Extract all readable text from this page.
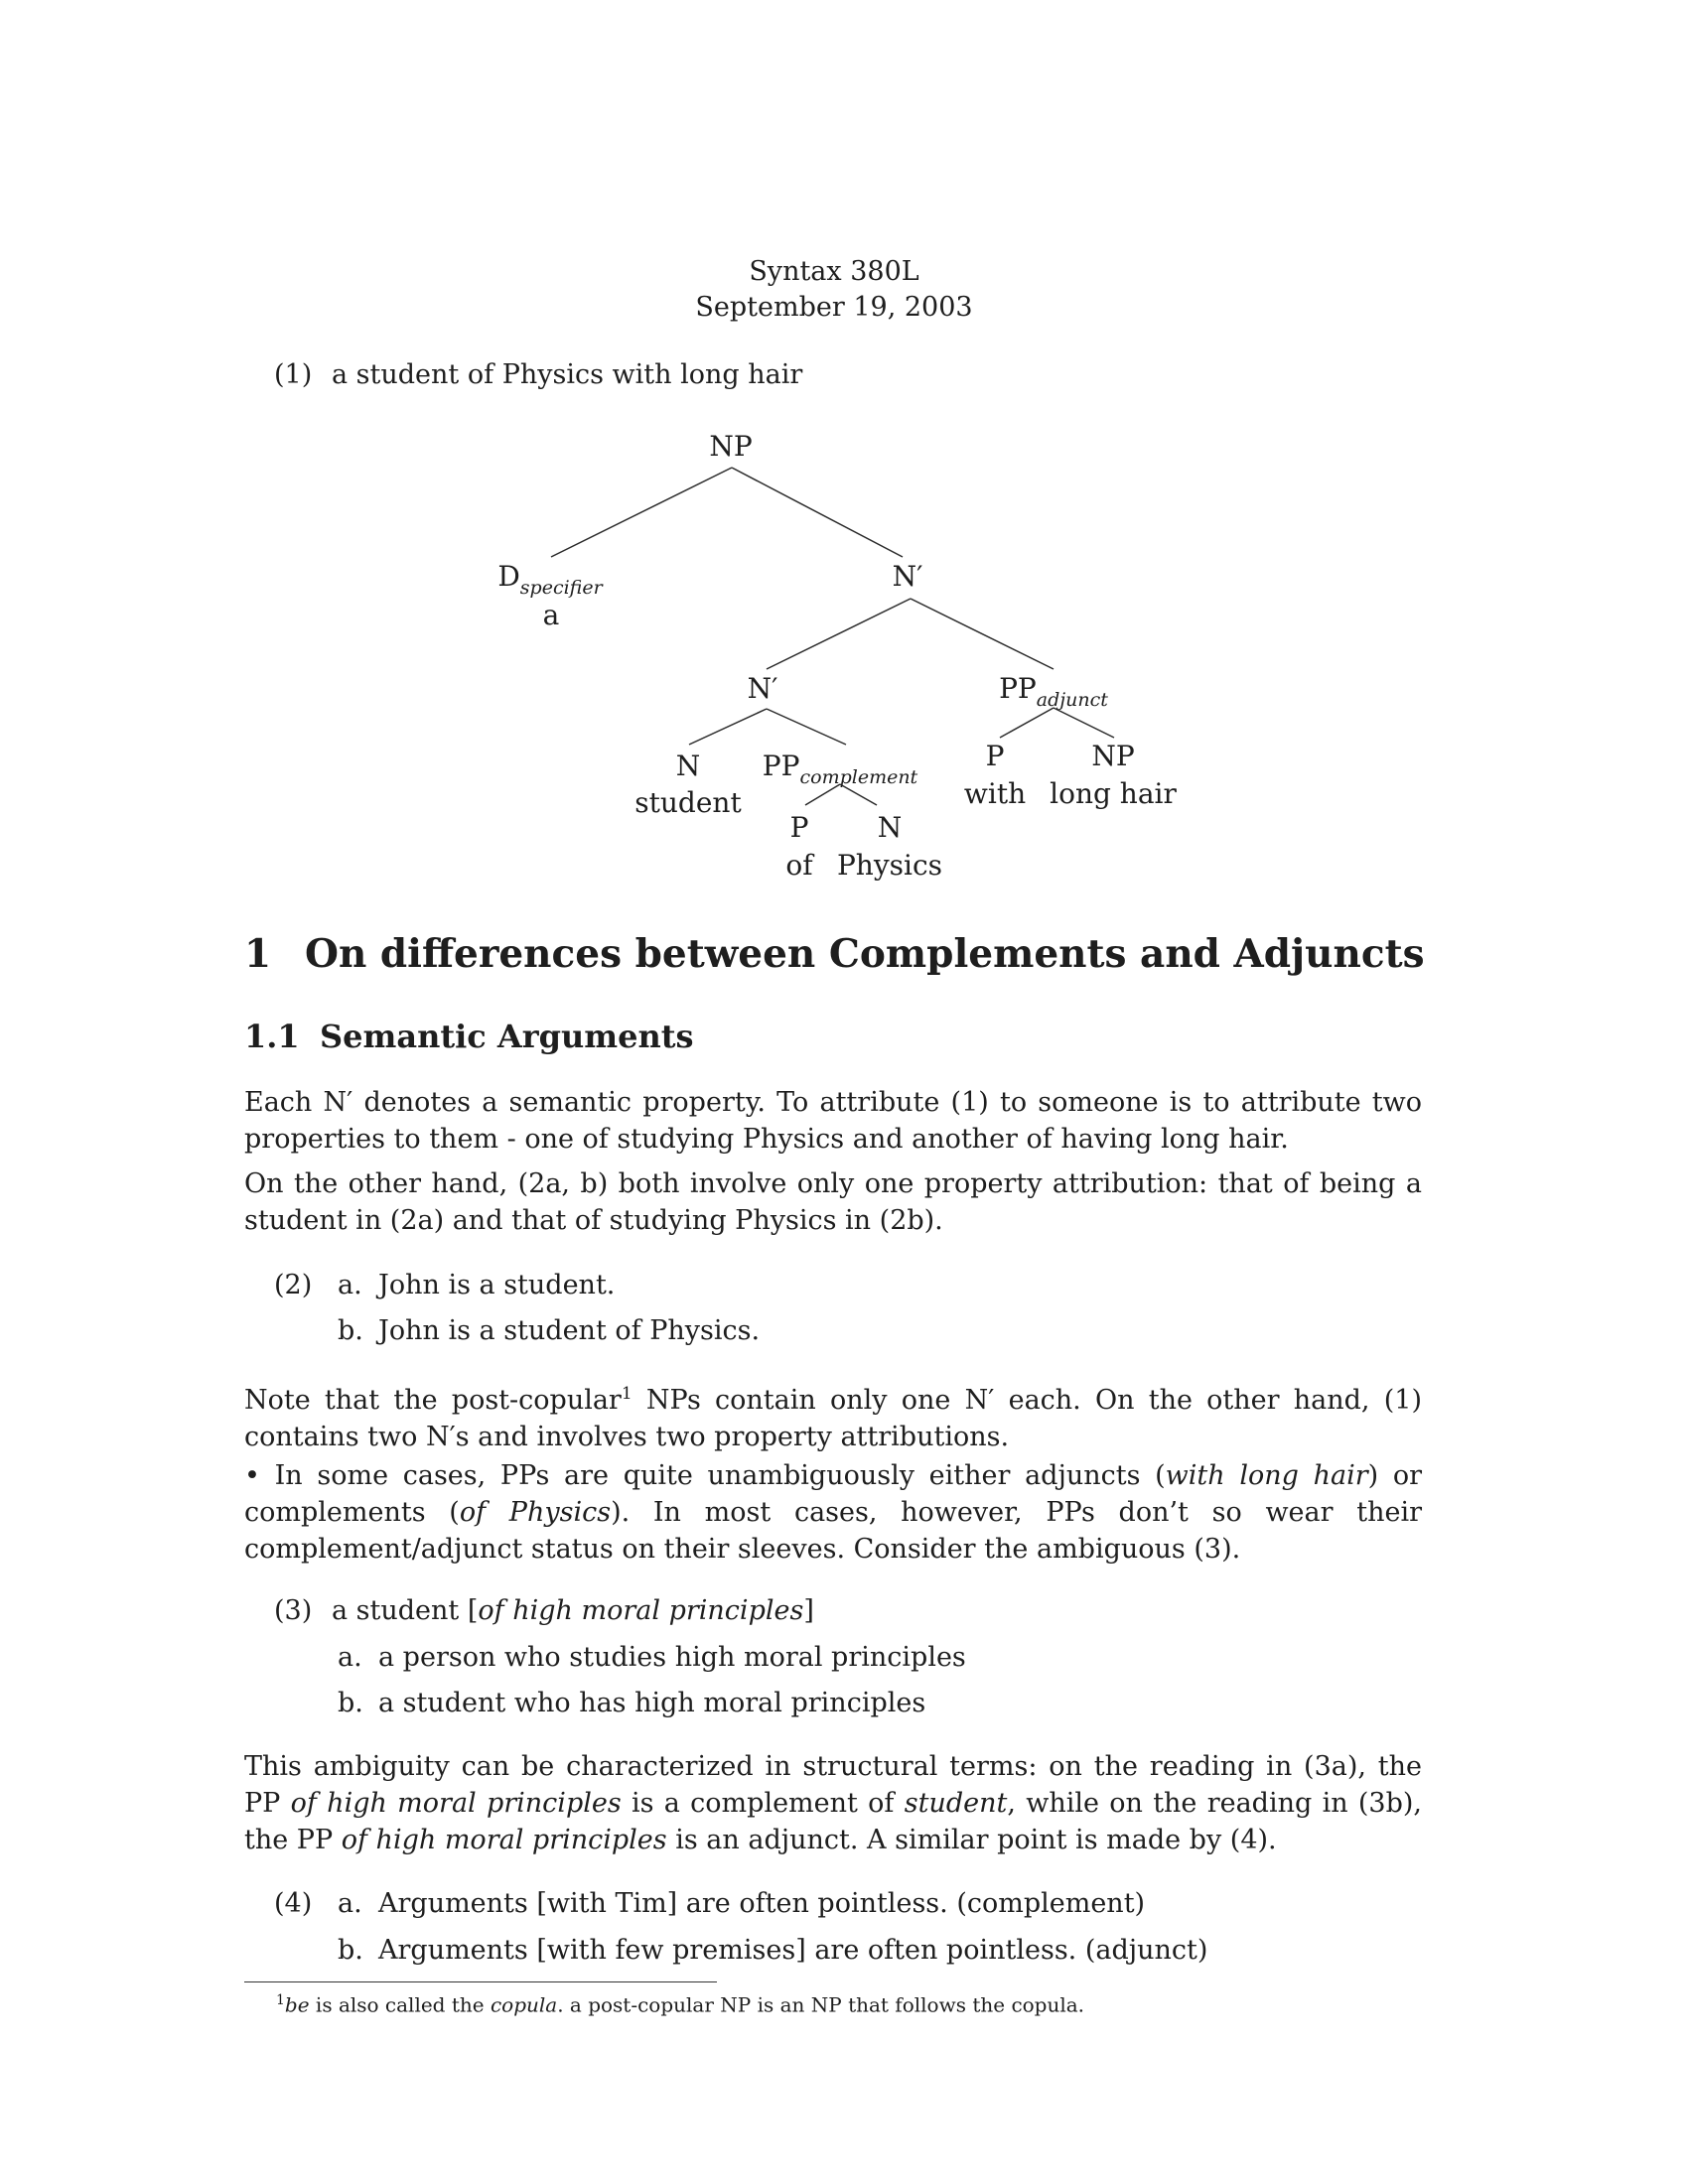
Syntax 380L
September 19, 2003
(1) a student of Physics with long hair
NP
$D_{specifier}$
a
N′
N′	$PP_{adjunct}$
N
student
$PP_{complement}$
P
with
NP
long hair
P
of
N
Physics
1 On differences between Complements and Adjuncts
1.1 Semantic Arguments
Each N′ denotes a semantic property. To attribute (1) to someone is to attribute two properties to them - one of studying Physics and another of having long hair.
On the other hand, (2a, b) both involve only one property attribution: that of being a student in (2a) and that of studying Physics in (2b).
(2) a. John is a student.
b. John is a student of Physics.
Note that the post-copular$^1$ NPs contain only one N′ each. On the other hand, (1) contains two N′s and involves two property attributions.
• In some cases, PPs are quite unambiguously either adjuncts (with long hair) or complements (of Physics). In most cases, however, PPs don’t so wear their complement/adjunct status on their sleeves. Consider the ambiguous (3).
(3) a student [of high moral principles]
a. a person who studies high moral principles
b. a student who has high moral principles
This ambiguity can be characterized in structural terms: on the reading in (3a), the PP of high moral principles is a complement of student, while on the reading in (3b), the PP of high moral principles is an adjunct. A similar point is made by (4).
(4) a. Arguments [with Tim] are often pointless. (complement)
b. Arguments [with few premises] are often pointless. (adjunct)
$^1$be is also called the copula. a post-copular NP is an NP that follows the copula.
